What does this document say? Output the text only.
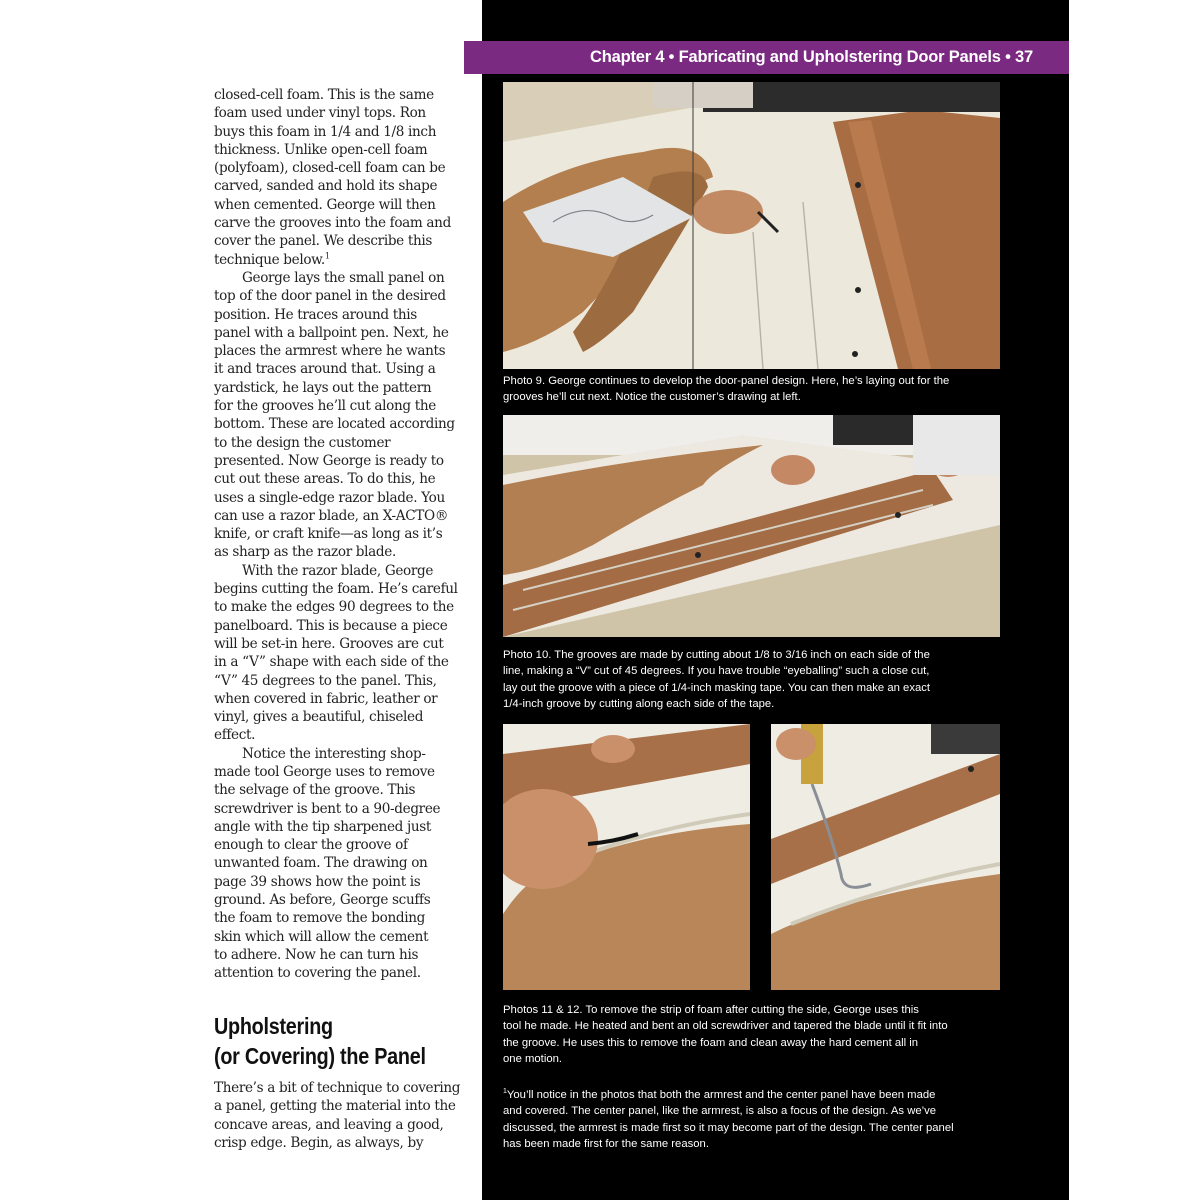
Chapter 4 • Fabricating and Upholstering Door Panels • 37

closed-cell foam. This is the same
foam used under vinyl tops. Ron
buys this foam in 1/4 and 1/8 inch
thickness. Unlike open-cell foam
(polyfoam), closed-cell foam can be
carved, sanded and hold its shape
when cemented. George will then
carve the grooves into the foam and
cover the panel. We describe this
technique below.$^1$

George lays the small panel on
top of the door panel in the desired
position. He traces around this
panel with a ballpoint pen. Next, he
places the armrest where he wants
it and traces around that. Using a
yardstick, he lays out the pattern
for the grooves he’ll cut along the
bottom. These are located according
to the design the customer
presented. Now George is ready to
cut out these areas. To do this, he
uses a single-edge razor blade. You
can use a razor blade, an X-ACTO®
knife, or craft knife—as long as it’s
as sharp as the razor blade.

With the razor blade, George
begins cutting the foam. He’s careful
to make the edges 90 degrees to the
panelboard. This is because a piece
will be set-in here. Grooves are cut
in a “V” shape with each side of the
“V” 45 degrees to the panel. This,
when covered in fabric, leather or
vinyl, gives a beautiful, chiseled
effect.

Notice the interesting shop-
made tool George uses to remove
the selvage of the groove. This
screwdriver is bent to a 90-degree
angle with the tip sharpened just
enough to clear the groove of
unwanted foam. The drawing on
page 39 shows how the point is
ground. As before, George scuffs
the foam to remove the bonding
skin which will allow the cement
to adhere. Now he can turn his
attention to covering the panel.

Upholstering
(or Covering) the Panel

There’s a bit of technique to covering
a panel, getting the material into the
concave areas, and leaving a good,
crisp edge. Begin, as always, by

Photo 9. George continues to develop the door-panel design. Here, he’s laying out for the
grooves he’ll cut next. Notice the customer’s drawing at left.

Photo 10. The grooves are made by cutting about 1/8 to 3/16 inch on each side of the
line, making a “V” cut of 45 degrees. If you have trouble “eyeballing” such a close cut,
lay out the groove with a piece of 1/4-inch masking tape. You can then make an exact
1/4-inch groove by cutting along each side of the tape.

Photos 11 & 12. To remove the strip of foam after cutting the side, George uses this
tool he made. He heated and bent an old screwdriver and tapered the blade until it fit into
the groove. He uses this to remove the foam and clean away the hard cement all in
one motion.

$^1$You’ll notice in the photos that both the armrest and the center panel have been made
and covered. The center panel, like the armrest, is also a focus of the design. As we’ve
discussed, the armrest is made first so it may become part of the design. The center panel
has been made first for the same reason.
